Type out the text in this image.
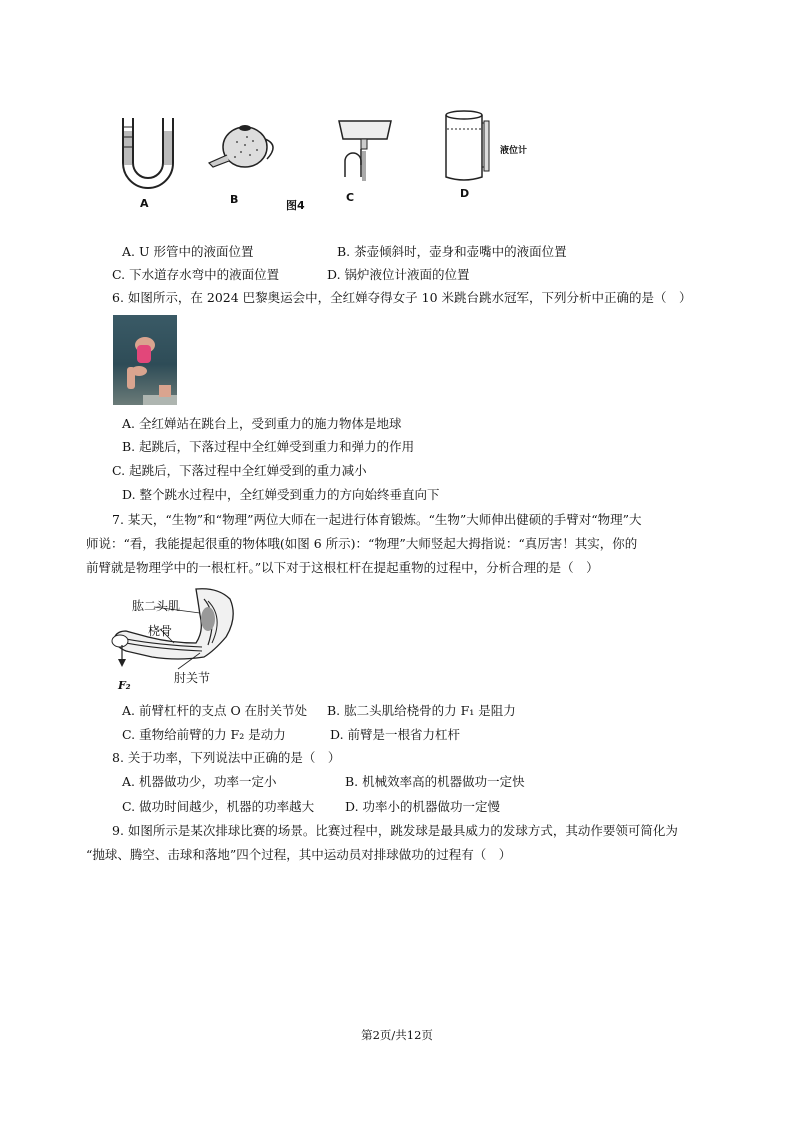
液位计
A	B	图4
C	D
A. U 形管中的液面位置	B. 茶壶倾斜时，壶身和壶嘴中的液面位置
C. 下水道存水弯中的液面位置	D. 锅炉液位计液面的位置
6. 如图所示，在 2024 巴黎奥运会中，全红婵夺得女子 10 米跳台跳水冠军，下列分析中正确的是（　）
A. 全红婵站在跳台上，受到重力的施力物体是地球
B. 起跳后，下落过程中全红婵受到重力和弹力的作用
C. 起跳后，下落过程中全红婵受到的重力减小
D. 整个跳水过程中，全红婵受到重力的方向始终垂直向下
7. 某天，“生物”和“物理”两位大师在一起进行体育锻炼。“生物”大师伸出健硕的手臂对“物理”大
师说：“看，我能提起很重的物体哦(如图 6 所示)：“物理”大师竖起大拇指说：“真厉害！其实，你的
前臂就是物理学中的一根杠杆。”以下对于这根杠杆在提起重物的过程中，分析合理的是（　）
肱二头肌
桡骨
肘关节
F₂
A. 前臂杠杆的支点 O 在肘关节处 B. 肱二头肌给桡骨的力 F₁ 是阻力
C. 重物给前臂的力 F₂ 是动力	D. 前臂是一根省力杠杆
8. 关于功率，下列说法中正确的是（　）
A. 机器做功少，功率一定小	B. 机械效率高的机器做功一定快
C. 做功时间越少，机器的功率越大 D. 功率小的机器做功一定慢
9. 如图所示是某次排球比赛的场景。比赛过程中，跳发球是最具威力的发球方式，其动作要领可简化为
“抛球、腾空、击球和落地”四个过程，其中运动员对排球做功的过程有（　）
第2页/共12页
